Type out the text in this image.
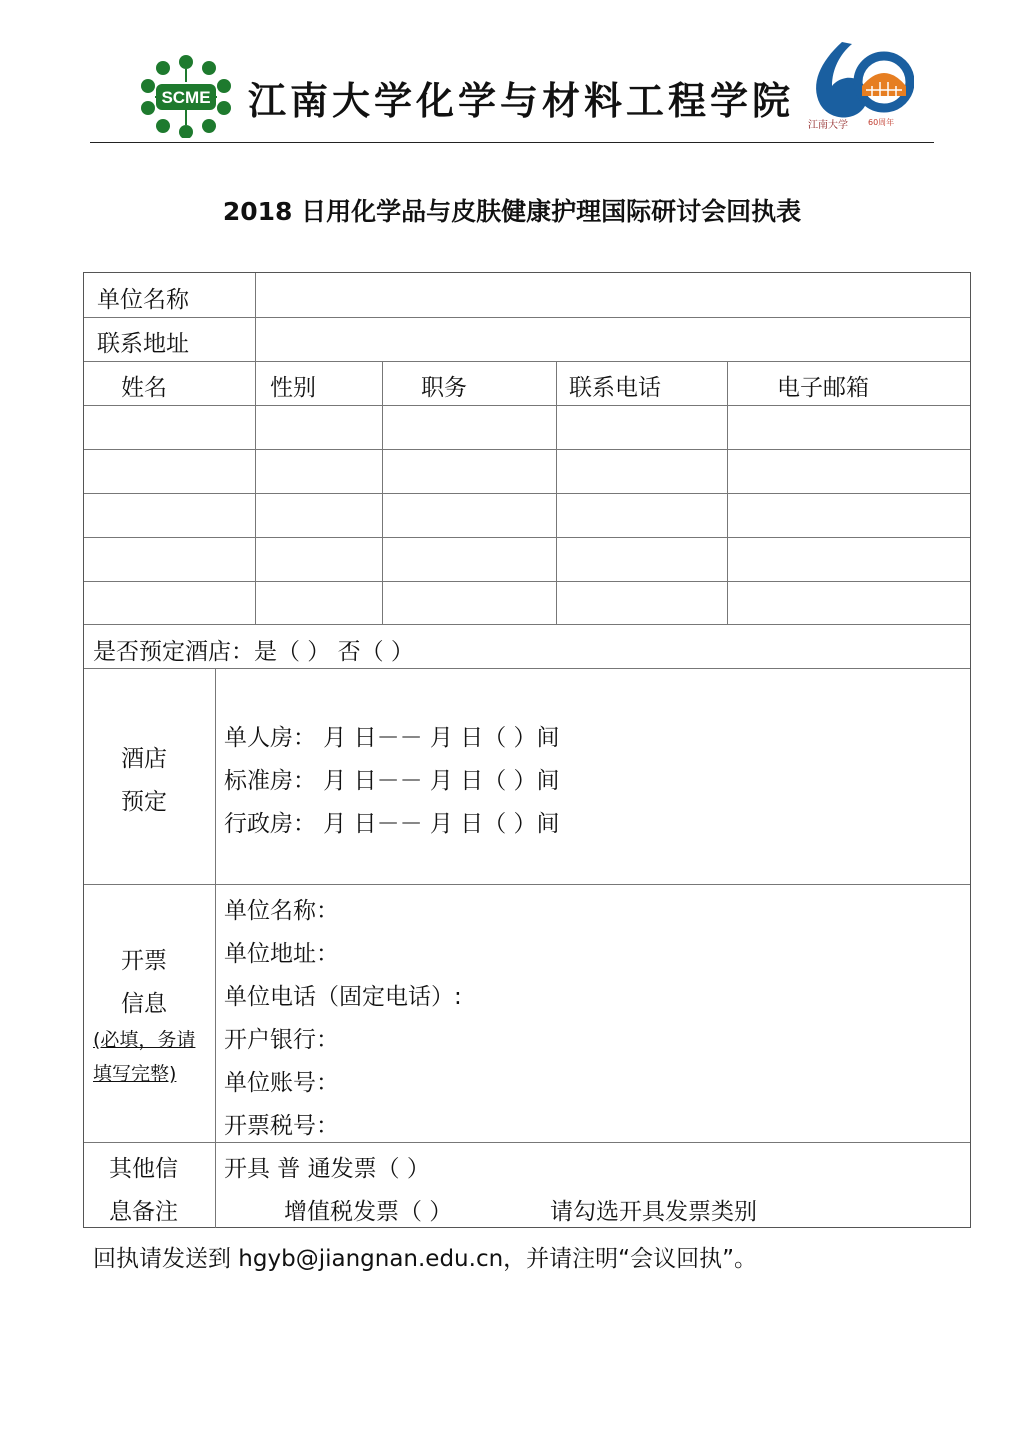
SCME 江南大学化学与材料工程学院
江南大学	60周年
2018 日用化学品与皮肤健康护理国际研讨会回执表
单位名称
联系地址
姓名	性别	职务	联系电话	电子邮箱
是否预定酒店：是（ ） 否（ ）
酒店
预定
单人房： 月 日－－ 月 日（ ）间
标准房： 月 日－－ 月 日（ ）间
行政房： 月 日－－ 月 日（ ）间
开票
信息
(必填，务请
填写完整)
单位名称：
单位地址：
单位电话（固定电话）:
开户银行：
单位账号：
开票税号：
其他信
息备注
开具 普 通发票（ ）
增值税发票（ ）	请勾选开具发票类别
回执请发送到 hgyb@jiangnan.edu.cn，并请注明“会议回执”。
